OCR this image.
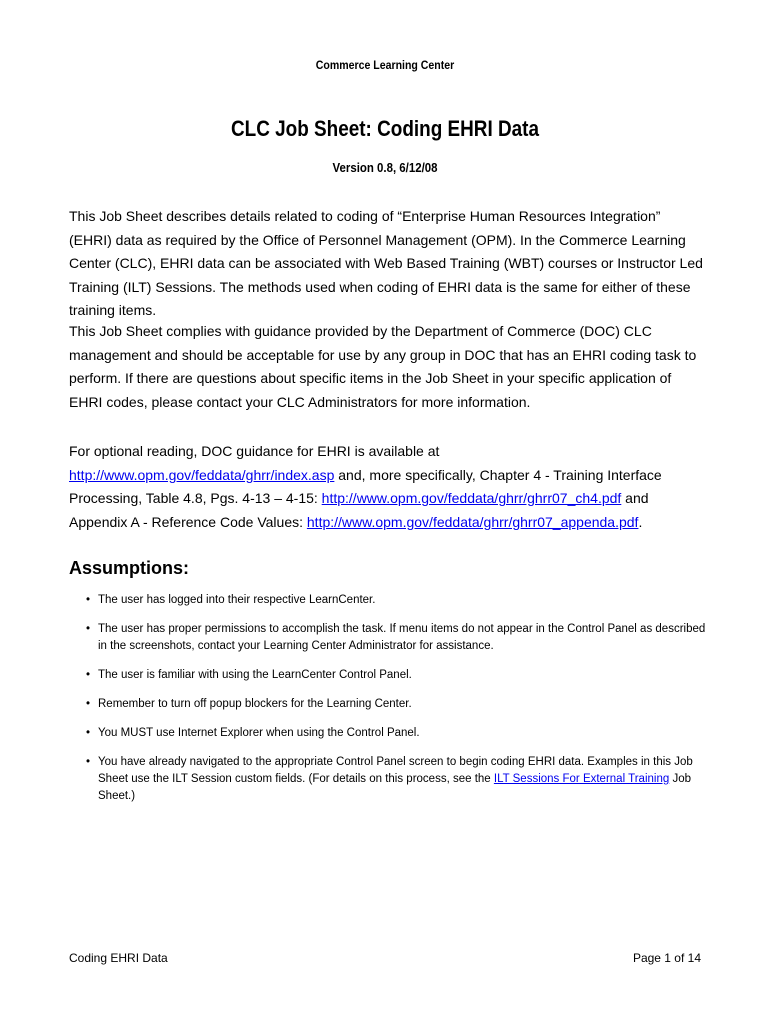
Commerce Learning Center
CLC Job Sheet: Coding EHRI Data
Version 0.8, 6/12/08
This Job Sheet describes details related to coding of “Enterprise Human Resources Integration” (EHRI) data as required by the Office of Personnel Management (OPM). In the Commerce Learning Center (CLC), EHRI data can be associated with Web Based Training (WBT) courses or Instructor Led Training (ILT) Sessions. The methods used when coding of EHRI data is the same for either of these training items.
This Job Sheet complies with guidance provided by the Department of Commerce (DOC) CLC management and should be acceptable for use by any group in DOC that has an EHRI coding task to perform. If there are questions about specific items in the Job Sheet in your specific application of EHRI codes, please contact your CLC Administrators for more information.
For optional reading, DOC guidance for EHRI is available at http://www.opm.gov/feddata/ghrr/index.asp and, more specifically, Chapter 4 - Training Interface Processing, Table 4.8, Pgs. 4-13 – 4-15: http://www.opm.gov/feddata/ghrr/ghrr07_ch4.pdf and Appendix A - Reference Code Values: http://www.opm.gov/feddata/ghrr/ghrr07_appenda.pdf.
Assumptions:
• The user has logged into their respective LearnCenter.
• The user has proper permissions to accomplish the task. If menu items do not appear in the Control Panel as described in the screenshots, contact your Learning Center Administrator for assistance.
• The user is familiar with using the LearnCenter Control Panel.
• Remember to turn off popup blockers for the Learning Center.
• You MUST use Internet Explorer when using the Control Panel.
• You have already navigated to the appropriate Control Panel screen to begin coding EHRI data. Examples in this Job Sheet use the ILT Session custom fields. (For details on this process, see the ILT Sessions For External Training Job Sheet.)
Coding EHRI Data	Page 1 of 14
